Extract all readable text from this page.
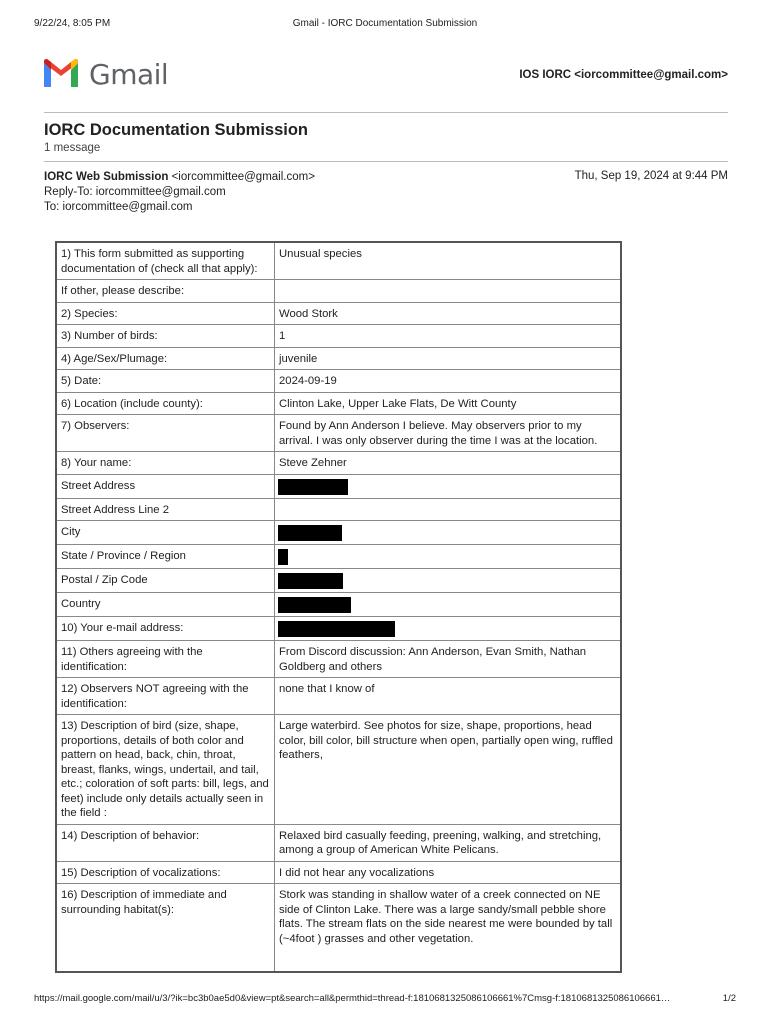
9/22/24, 8:05 PM	Gmail - IORC Documentation Submission
Gmail	IOS IORC <iorcommittee@gmail.com>
IORC Documentation Submission
1 message
IORC Web Submission <iorcommittee@gmail.com>
Reply-To: iorcommittee@gmail.com
To: iorcommittee@gmail.com
Thu, Sep 19, 2024 at 9:44 PM
1) This form submitted as supporting documentation of (check all that apply):	Unusual species
If other, please describe:	
2) Species:	Wood Stork
3) Number of birds:	1
4) Age/Sex/Plumage:	juvenile
5) Date:	2024-09-19
6) Location (include county):	Clinton Lake, Upper Lake Flats, De Witt County
7) Observers:	Found by Ann Anderson I believe. May observers prior to my arrival. I was only observer during the time I was at the location.
8) Your name:	Steve Zehner
Street Address	
Street Address Line 2	
City	
State / Province / Region	
Postal / Zip Code	
Country	
10) Your e-mail address:	
11) Others agreeing with the identification:	From Discord discussion: Ann Anderson, Evan Smith, Nathan Goldberg and others
12) Observers NOT agreeing with the identification:	none that I know of
13) Description of bird (size, shape, proportions, details of both color and pattern on head, back, chin, throat, breast, flanks, wings, undertail, and tail, etc.; coloration of soft parts: bill, legs, and feet) include only details actually seen in the field :	Large waterbird. See photos for size, shape, proportions, head color, bill color, bill structure when open, partially open wing, ruffled feathers,
14) Description of behavior:	Relaxed bird casually feeding, preening, walking, and stretching, among a group of American White Pelicans.
15) Description of vocalizations:	I did not hear any vocalizations
16) Description of immediate and surrounding habitat(s):	Stork was standing in shallow water of a creek connected on NE side of Clinton Lake. There was a large sandy/small pebble shore flats. The stream flats on the side nearest me were bounded by tall (~4foot ) grasses and other vegetation.
https://mail.google.com/mail/u/3/?ik=bc3b0ae5d0&view=pt&search=all&permthid=thread-f:1810681325086106661%7Cmsg-f:1810681325086106661…	1/2
